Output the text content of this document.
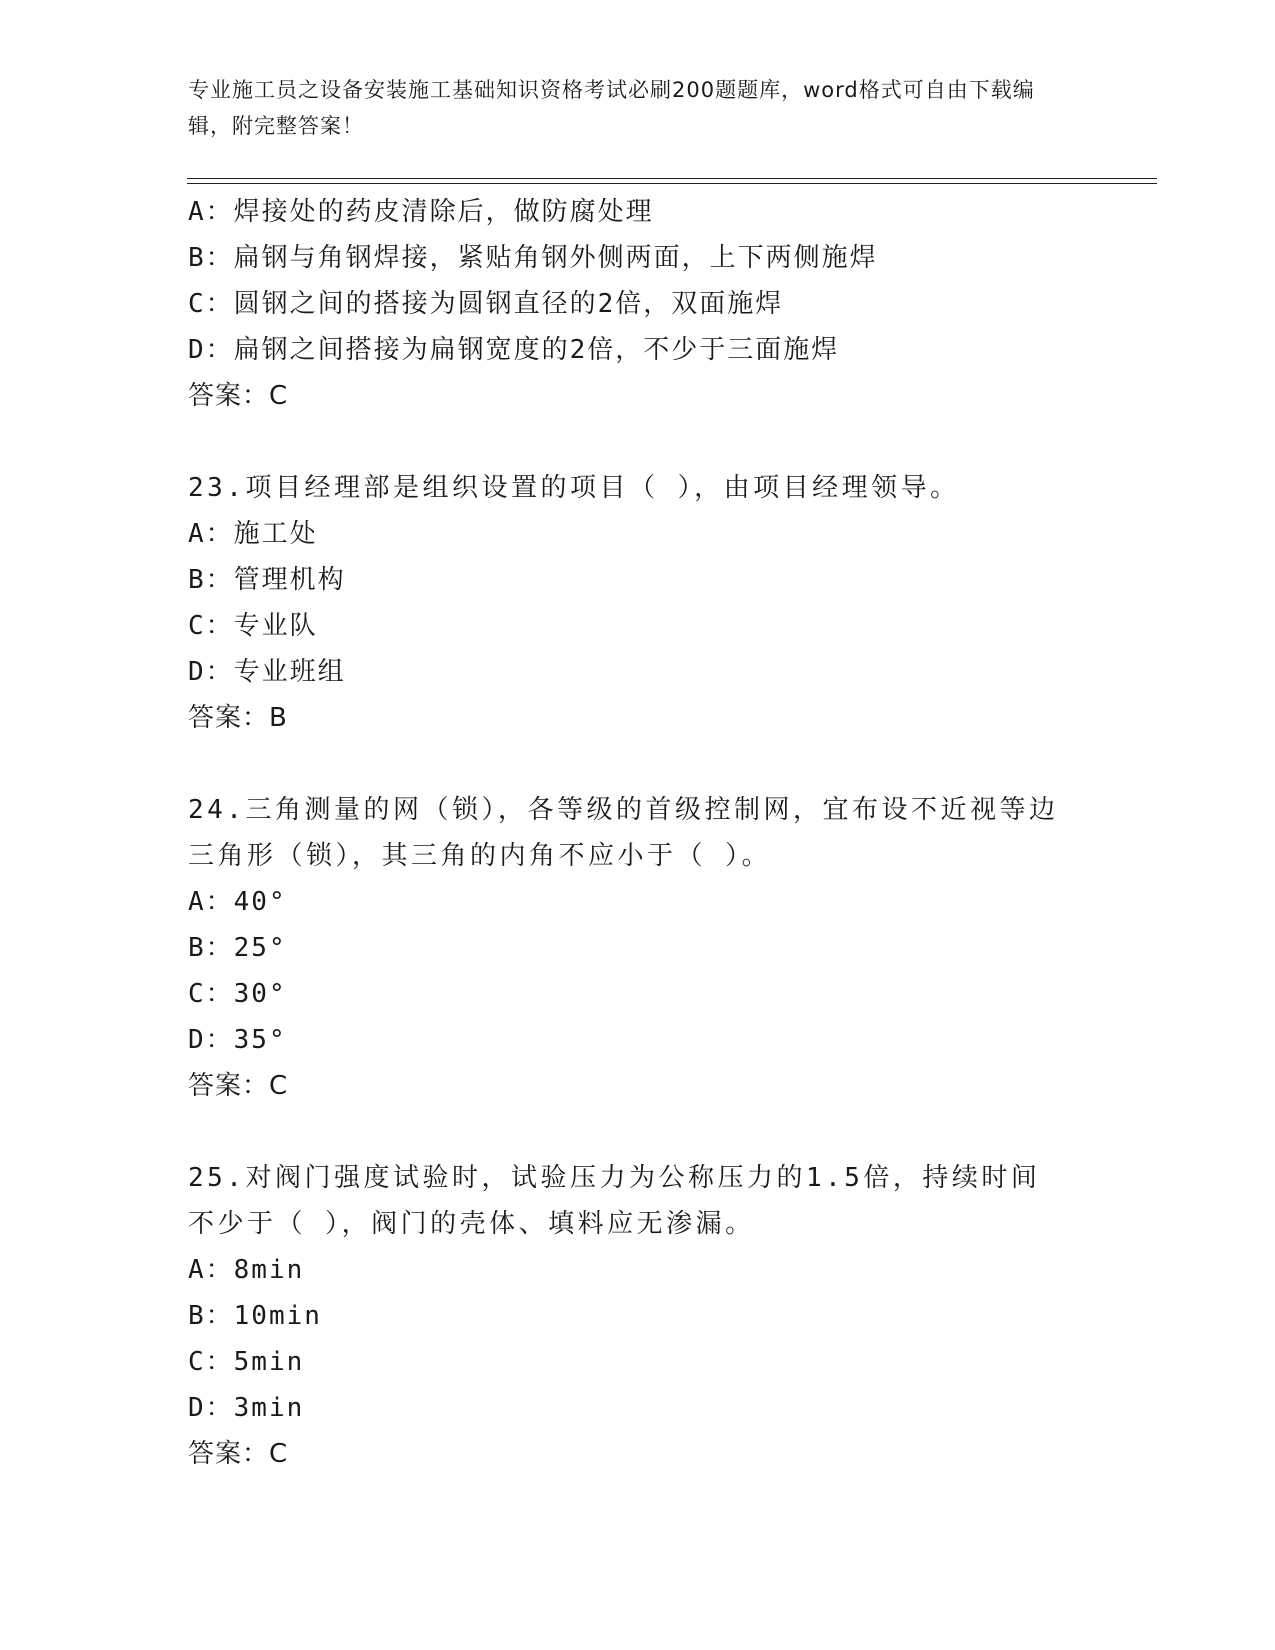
专业施工员之设备安装施工基础知识资格考试必刷200题题库，word格式可自由下载编辑，附完整答案！
A：焊接处的药皮清除后，做防腐处理
B：扁钢与角钢焊接，紧贴角钢外侧两面，上下两侧施焊
C：圆钢之间的搭接为圆钢直径的2倍，双面施焊
D：扁钢之间搭接为扁钢宽度的2倍，不少于三面施焊
答案：C
23.项目经理部是组织设置的项目（ ），由项目经理领导。
A：施工处
B：管理机构
C：专业队
D：专业班组
答案：B
24.三角测量的网（锁），各等级的首级控制网，宜布设不近视等边三角形（锁），其三角的内角不应小于（ ）。
A：40°
B：25°
C：30°
D：35°
答案：C
25.对阀门强度试验时，试验压力为公称压力的1.5倍，持续时间不少于（ ），阀门的壳体、填料应无渗漏。
A：8min
B：10min
C：5min
D：3min
答案：C
